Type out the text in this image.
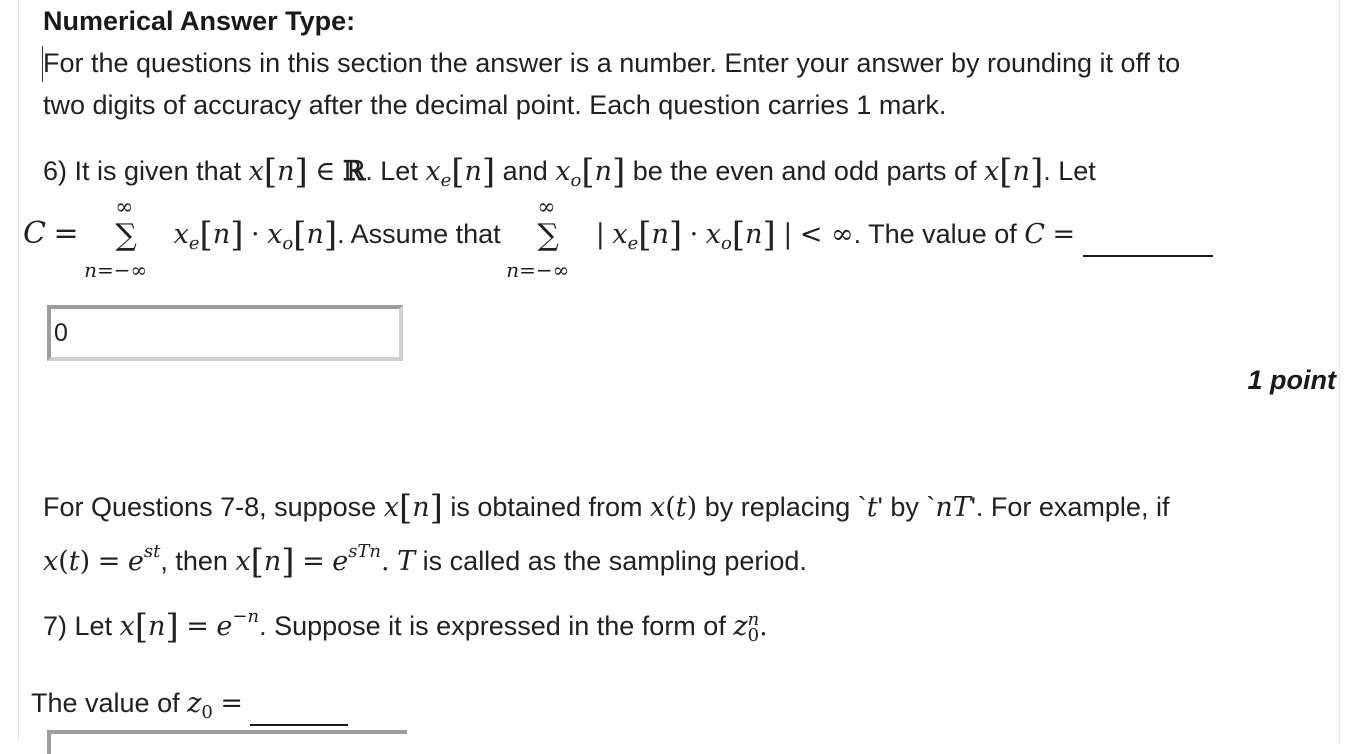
Numerical Answer Type:
For the questions in this section the answer is a number. Enter your answer by rounding it off to
two digits of accuracy after the decimal point. Each question carries 1 mark.
6) It is given that x[n] ∈ ℝ. Let $x_e[n]$ and $x_o[n]$ be the even and odd parts of x[n]. Let
C =
∞
∑
n=−∞
$x_e[n] \cdot x_o[n]$. Assume that
∞
∑
n=−∞
| $x_e[n] \cdot x_o[n]$ | < ∞. The value of C =
0
1 point
For Questions 7-8, suppose x[n] is obtained from x(t) by replacing `t' by `nT'. For example, if
$x(t) = e^{st}$, then $x[n] = e^{sTn}$. T is called as the sampling period.
7) Let $x[n] = e^{-n}$. Suppose it is expressed in the form of z n
0 .
The value of $z_0$ =
